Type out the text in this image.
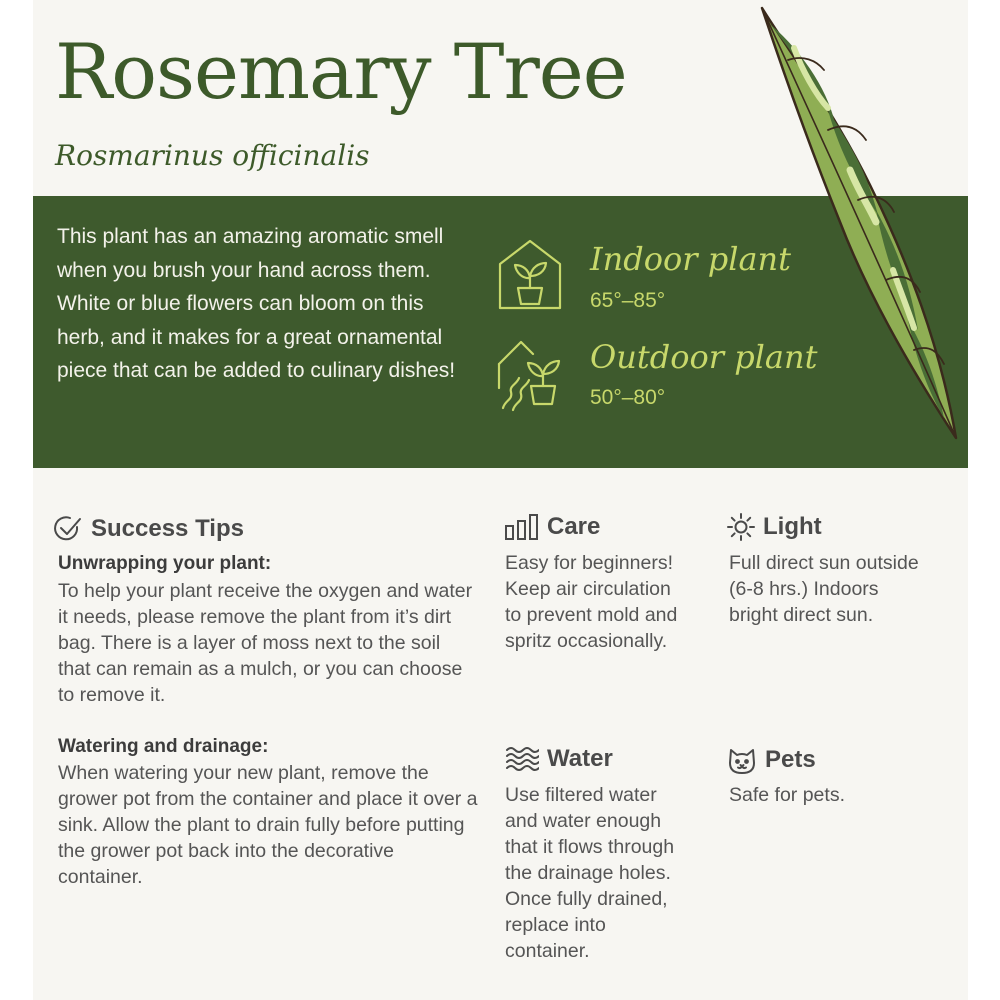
Rosemary Tree
Rosmarinus officinalis
This plant has an amazing aromatic smell when you brush your hand across them. White or blue flowers can bloom on this herb, and it makes for a great ornamental piece that can be added to culinary dishes!
Indoor plant
65°–85°
Outdoor plant
50°–80°
Success Tips
Unwrapping your plant:
To help your plant receive the oxygen and water it needs, please remove the plant from it’s dirt bag. There is a layer of moss next to the soil that can remain as a mulch, or you can choose to remove it.
Watering and drainage:
When watering your new plant, remove the grower pot from the container and place it over a sink. Allow the plant to drain fully before putting the grower pot back into the decorative container.
Care
Easy for beginners! Keep air circulation to prevent mold and spritz occasionally.
Light
Full direct sun outside (6-8 hrs.) Indoors bright direct sun.
Water
Use filtered water and water enough that it flows through the drainage holes. Once fully drained, replace into container.
Pets
Safe for pets.
